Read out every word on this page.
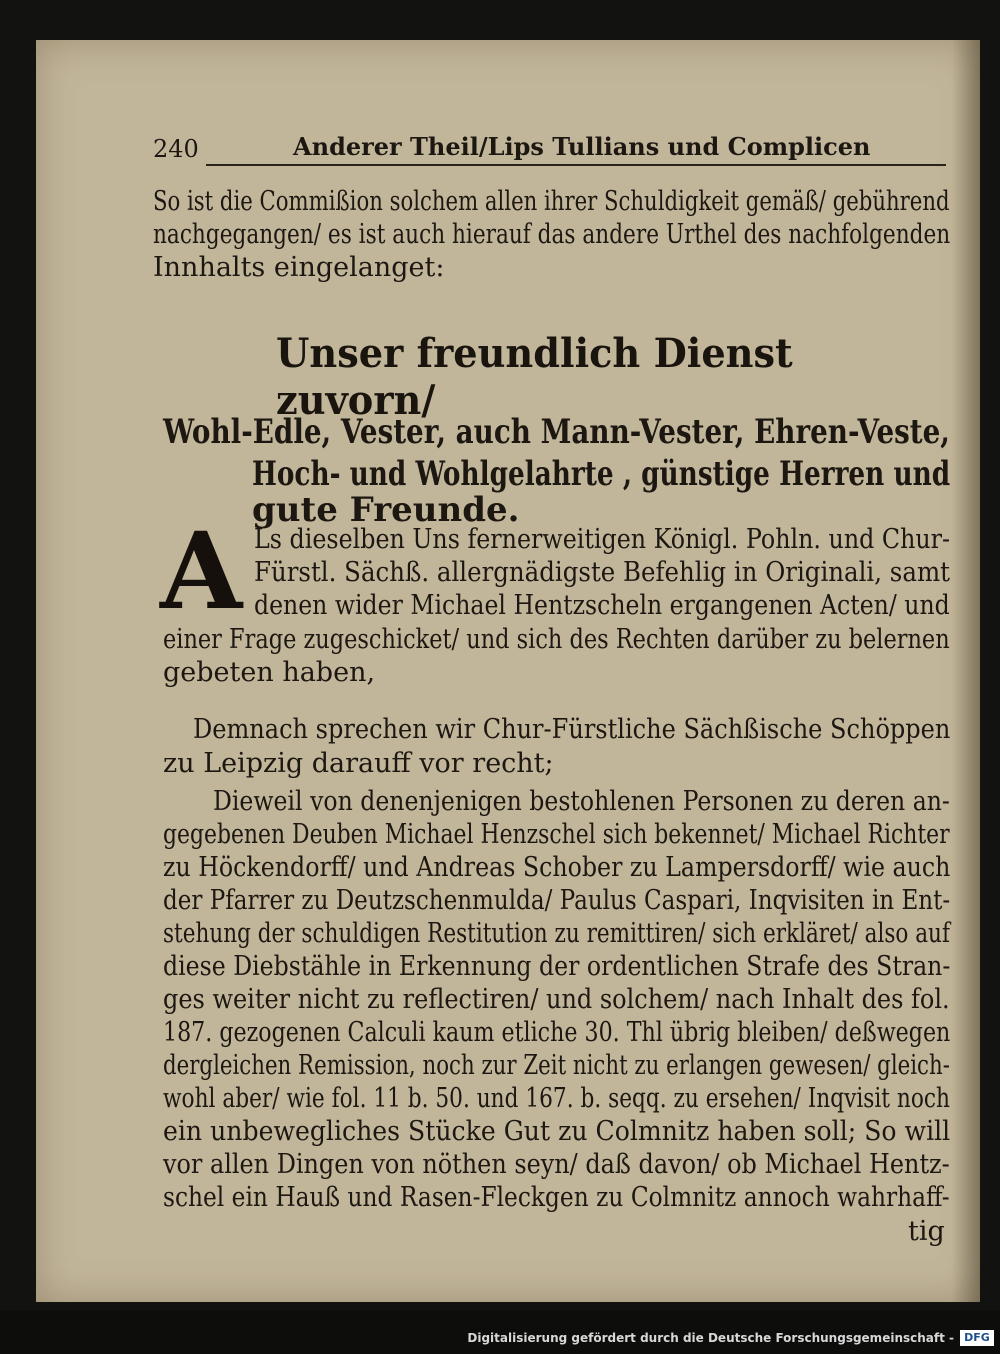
240	Anderer Theil/Lips Tullians und Complicen
So ist die Commißion solchem allen ihrer Schuldigkeit gemäß/ gebührend
nachgegangen/ es ist auch hierauf das andere Urthel des nachfolgenden
Innhalts eingelanget:
Unser freundlich Dienst zuvorn/
Wohl-Edle, Vester, auch Mann-Vester, Ehren-Veste,
Hoch- und Wohlgelahrte , günstige Herren und
gute Freunde.
A Ls dieselben Uns fernerweitigen Königl. Pohln. und Chur-
Fürstl. Sächß. allergnädigste Befehlig in Originali, samt
denen wider Michael Hentzscheln ergangenen Acten/ und
einer Frage zugeschicket/ und sich des Rechten darüber zu belernen
gebeten haben,
Demnach sprechen wir Chur-Fürstliche Sächßische Schöppen
zu Leipzig darauff vor recht;
Dieweil von denenjenigen bestohlenen Personen zu deren an-
gegebenen Deuben Michael Henzschel sich bekennet/ Michael Richter
zu Höckendorff/ und Andreas Schober zu Lampersdorff/ wie auch
der Pfarrer zu Deutzschenmulda/ Paulus Caspari, Inqvisiten in Ent-
stehung der schuldigen Restitution zu remittiren/ sich erkläret/ also auf
diese Diebstähle in Erkennung der ordentlichen Strafe des Stran-
ges weiter nicht zu reflectiren/ und solchem/ nach Inhalt des fol.
187. gezogenen Calculi kaum etliche 30. Thl übrig bleiben/ deßwegen
dergleichen Remission, noch zur Zeit nicht zu erlangen gewesen/ gleich-
wohl aber/ wie fol. 11 b. 50. und 167. b. seqq. zu ersehen/ Inqvisit noch
ein unbewegliches Stücke Gut zu Colmnitz haben soll; So will
vor allen Dingen von nöthen seyn/ daß davon/ ob Michael Hentz-
schel ein Hauß und Rasen-Fleckgen zu Colmnitz annoch wahrhaff-
tig
Digitalisierung gefördert durch die Deutsche Forschungsgemeinschaft - DFG
